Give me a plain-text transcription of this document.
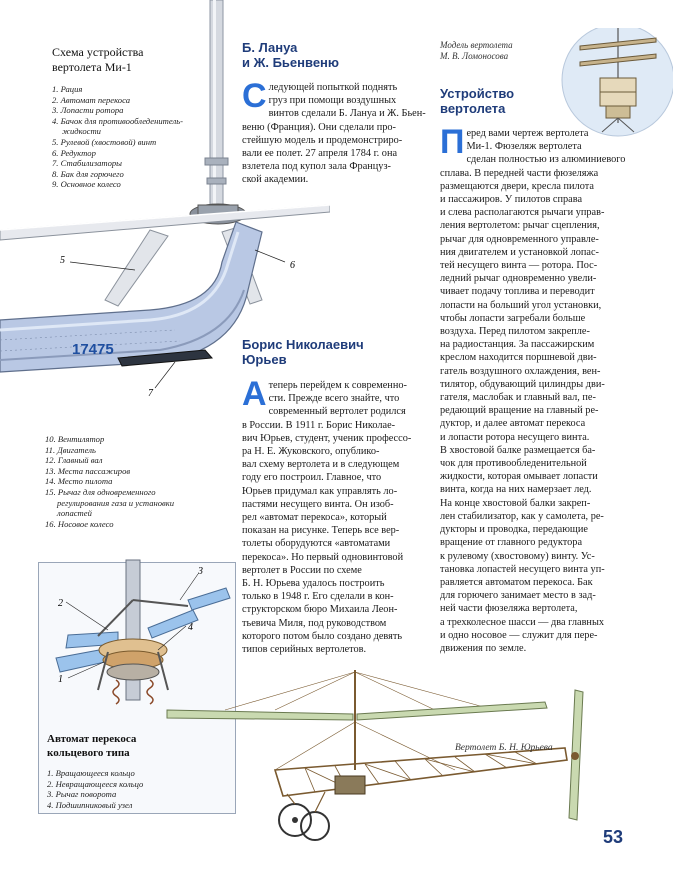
17475
5	6
7
Схема устройства
вертолета Ми-1
1. Рация
2. Автомат перекоса
3. Лопасти ротора
4. Бачок для противообледенитель-
жидкости
5. Рулевой (хвостовой) винт
6. Редуктор
7. Стабилизаторы
8. Бак для горючего
9. Основное колесо
10. Вентилятор
11. Двигатель
12. Главный вал
13. Места пассажиров
14. Место пилота
15. Рычаг для одновременного
регулирования газа и установки
лопастей
16. Носовое колесо
2
3
4
1
Автомат перекоса
кольцевого типа
1. Вращающееся кольцо
2. Невращающееся кольцо
3. Рычаг поворота
4. Подшипниковый узел
Б. Лануа
и Ж. Бьенвеню
С ледующей попыткой поднять
груз при помощи воздушных
винтов сделали Б. Лануа и Ж. Бьен-
веню (Франция). Они сделали про-
стейшую модель и продемонстриро-
вали ее полет. 27 апреля 1784 г. она
взлетела под купол зала Француз-
ской академии.
Борис Николаевич
Юрьев
А теперь перейдем к современно-
сти. Прежде всего знайте, что
современный вертолет родился
в России. В 1911 г. Борис Николае-
вич Юрьев, студент, ученик профессо-
ра Н. Е. Жуковского, опублико-
вал схему вертолета и в следующем
году его построил. Главное, что
Юрьев придумал как управлять ло-
пастями несущего винта. Он изоб-
рел «автомат перекоса», который
показан на рисунке. Теперь все вер-
толеты оборудуются «автоматами
перекоса». Но первый одновинтовой
вертолет в России по схеме
Б. Н. Юрьева удалось построить
только в 1948 г. Его сделали в кон-
структорском бюро Михаила Леон-
тьевича Миля, под руководством
которого потом было создано девять
типов серийных вертолетов.
Модель вертолета
М. В. Ломоносова
Устройство
вертолета
П еред вами чертеж вертолета
Ми-1. Фюзеляж вертолета
сделан полностью из алюминиевого
сплава. В передней части фюзеляжа
размещаются двери, кресла пилота
и пассажиров. У пилотов справа
и слева располагаются рычаги управ-
ления вертолетом: рычаг сцепления,
рычаг для одновременного управле-
ния двигателем и установкой лопас-
тей несущего винта — ротора. Пос-
ледний рычаг одновременно увели-
чивает подачу топлива и переводит
лопасти на больший угол установки,
чтобы лопасти загребали больше
воздуха. Перед пилотом закрепле-
на радиостанция. За пассажирским
креслом находится поршневой дви-
гатель воздушного охлаждения, вен-
тилятор, обдувающий цилиндры дви-
гателя, маслобак и главный вал, пе-
редающий вращение на главный ре-
дуктор, и далее автомат перекоса
и лопасти ротора несущего винта.
В хвостовой балке размещается ба-
чок для противообледенительной
жидкости, которая омывает лопасти
винта, когда на них намерзает лед.
На конце хвостовой балки закреп-
лен стабилизатор, как у самолета, ре-
дукторы и проводка, передающие
вращение от главного редуктора
к рулевому (хвостовому) винту. Ус-
тановка лопастей несущего винта уп-
равляется автоматом перекоса. Бак
для горючего занимает место в зад-
ней части фюзеляжа вертолета,
а трехколесное шасси — два главных
и одно носовое — служит для пере-
движения по земле.
Вертолет Б. Н. Юрьева
53
